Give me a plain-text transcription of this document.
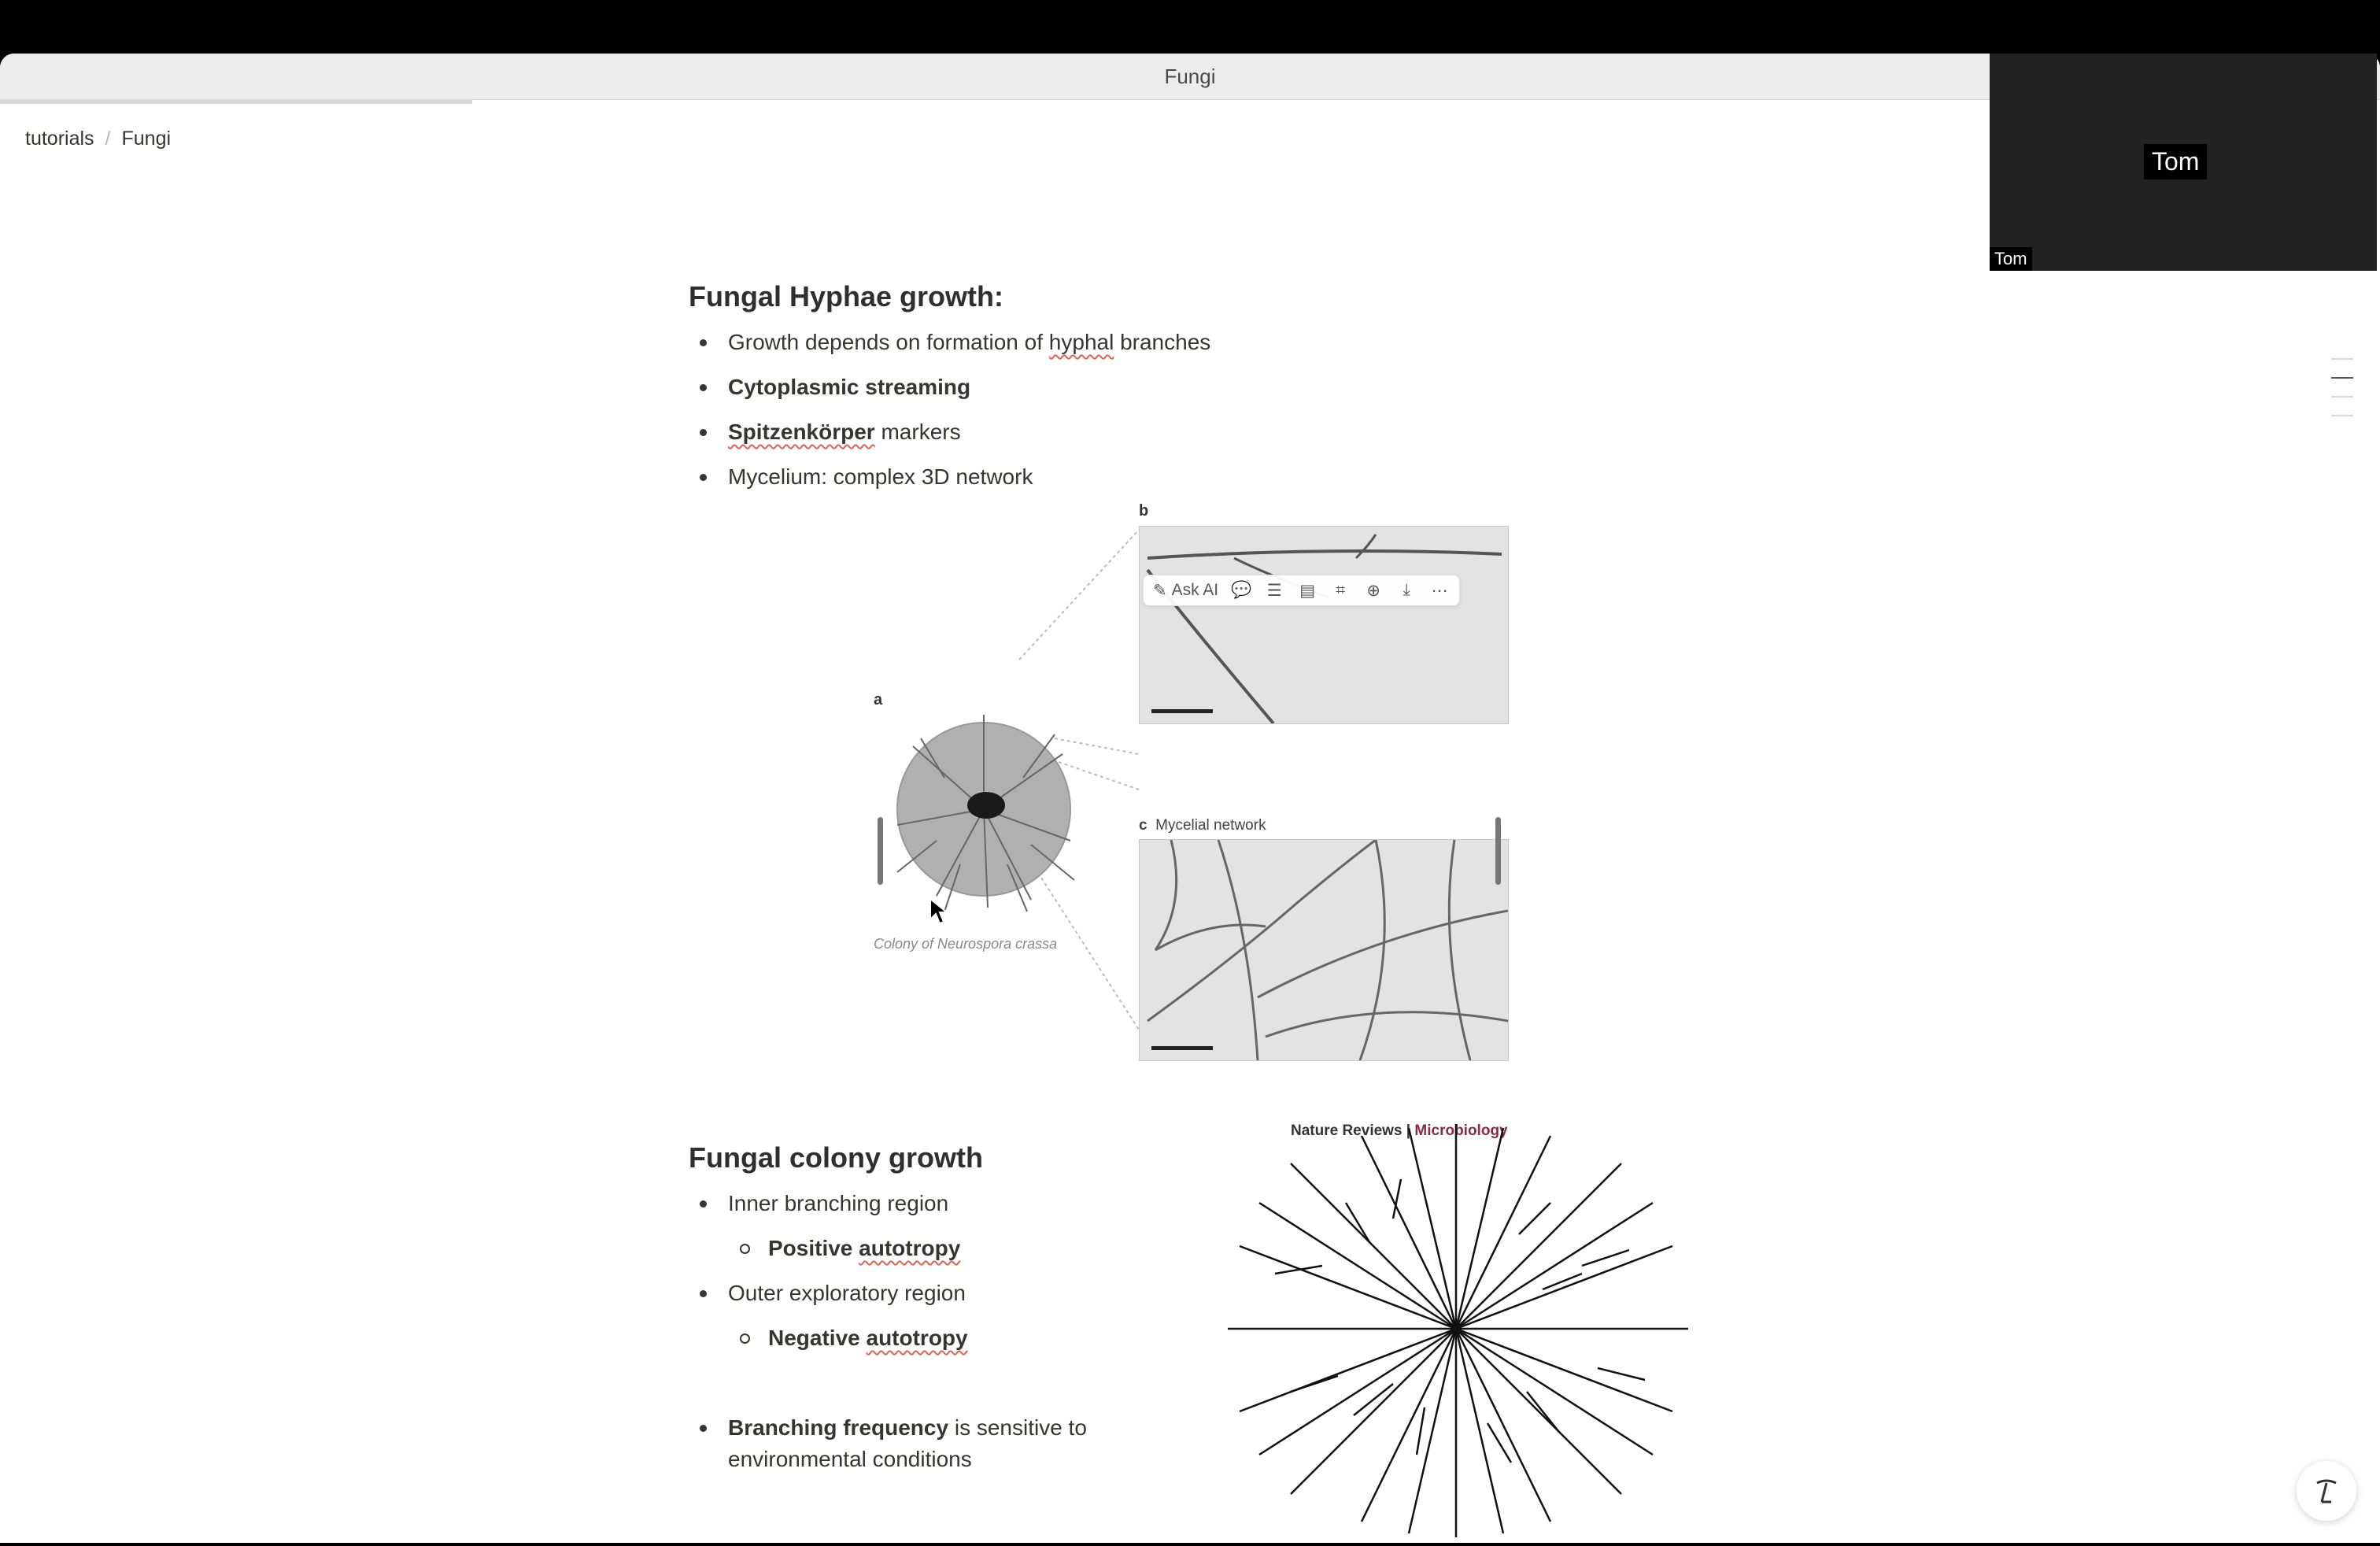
Fungi
tutorials / Fungi
Fungal Hyphae growth:
Growth depends on formation of hyphal branches
Cytoplasmic streaming
Spitzenkörper markers
Mycelium: complex 3D network
a
Colony of Neurospora crassa
b
✎ Ask AI 💬 ☰ ▤	⌗	⊕	⤓	⋯
c Mycelial network
Nature Reviews | Microbiology
Fungal colony growth
Inner branching region
Positive autotropy
Outer exploratory region
Negative autotropy
Branching frequency is sensitive to
environmental conditions
Tom
Tom
